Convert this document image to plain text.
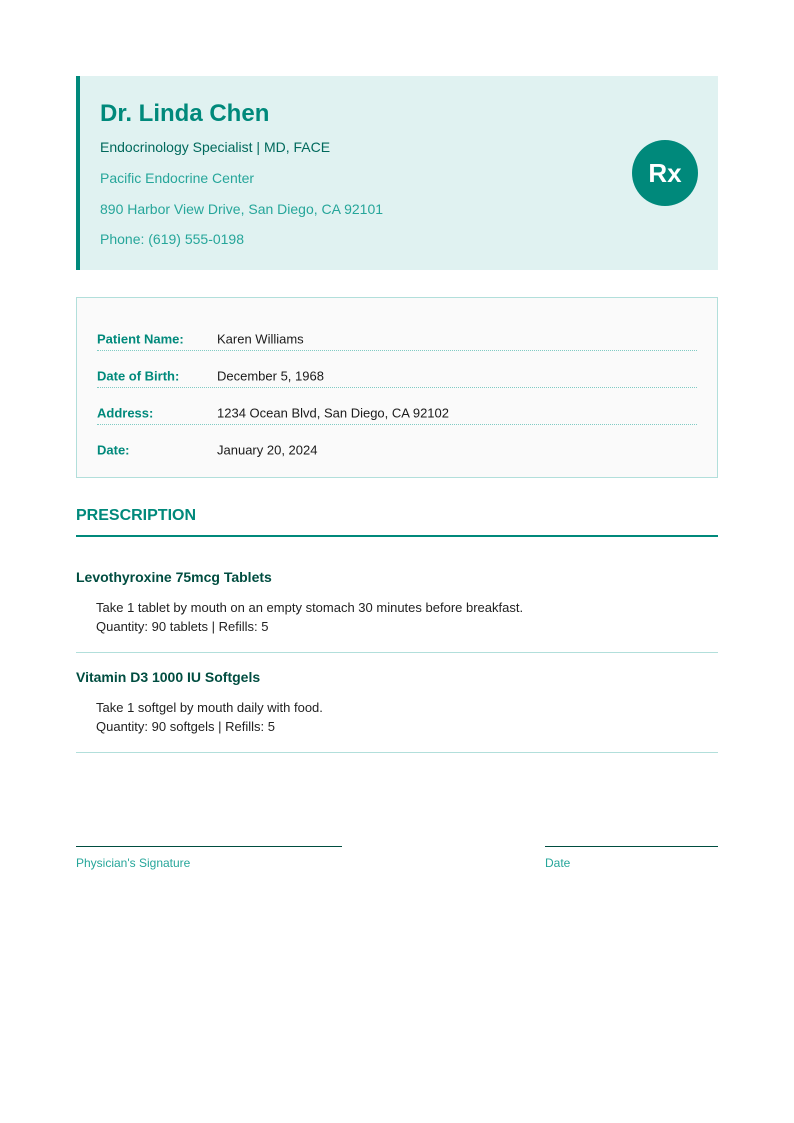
Dr. Linda Chen
Endocrinology Specialist | MD, FACE
Pacific Endocrine Center
890 Harbor View Drive, San Diego, CA 92101
Phone: (619) 555-0198
Rx
Patient Name:	Karen Williams
Date of Birth:	December 5, 1968
Address:	1234 Ocean Blvd, San Diego, CA 92102
Date:	January 20, 2024
PRESCRIPTION
Levothyroxine 75mcg Tablets
Take 1 tablet by mouth on an empty stomach 30 minutes before breakfast.
Quantity: 90 tablets | Refills: 5
Vitamin D3 1000 IU Softgels
Take 1 softgel by mouth daily with food.
Quantity: 90 softgels | Refills: 5
Physician's Signature	Date
